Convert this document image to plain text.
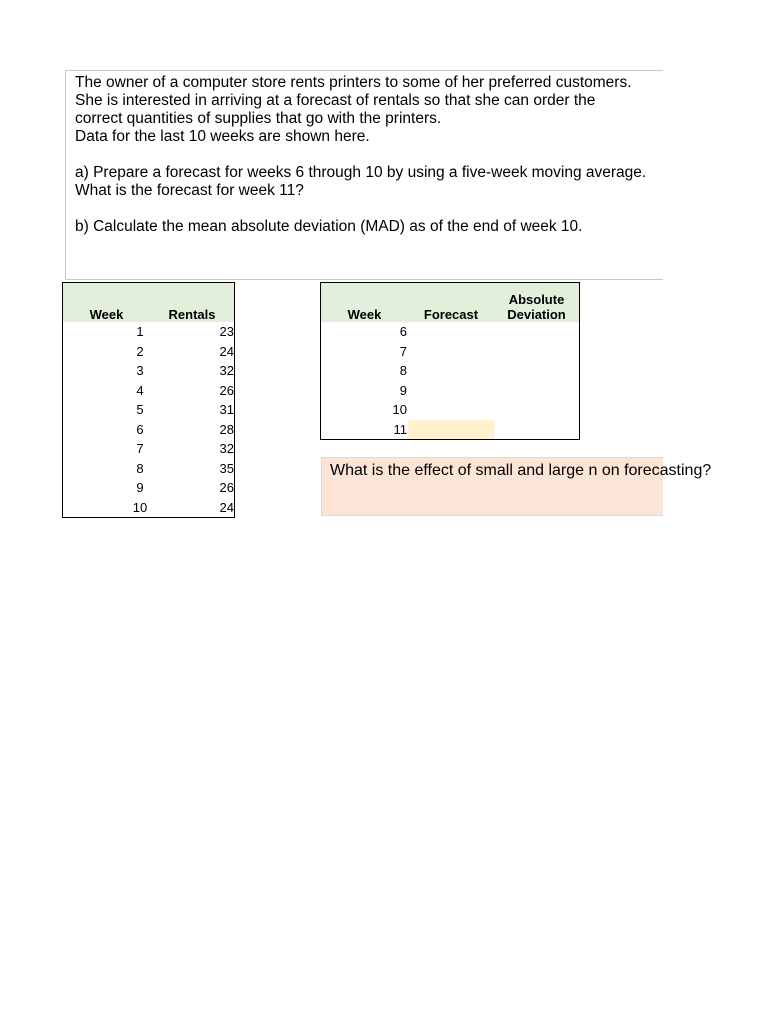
The owner of a computer store rents printers to some of her preferred customers.

She is interested in arriving at a forecast of rentals so that she can order the

correct quantities of supplies that go with the printers.

Data for the last 10 weeks are shown here.

a) Prepare a forecast for weeks 6 through 10 by using a five-week moving average.

What is the forecast for week 11?

b) Calculate the mean absolute deviation (MAD) as of the end of week 10.

Week	Rentals
1	23
2	24
3	32
4	26
5	31
6	28
7	32
8	35
9	26
10	24
Week	Forecast	Absolute
Deviation
6		
7		
8		
9		
10		
11	

What is the effect of small and large n on forecasting?
